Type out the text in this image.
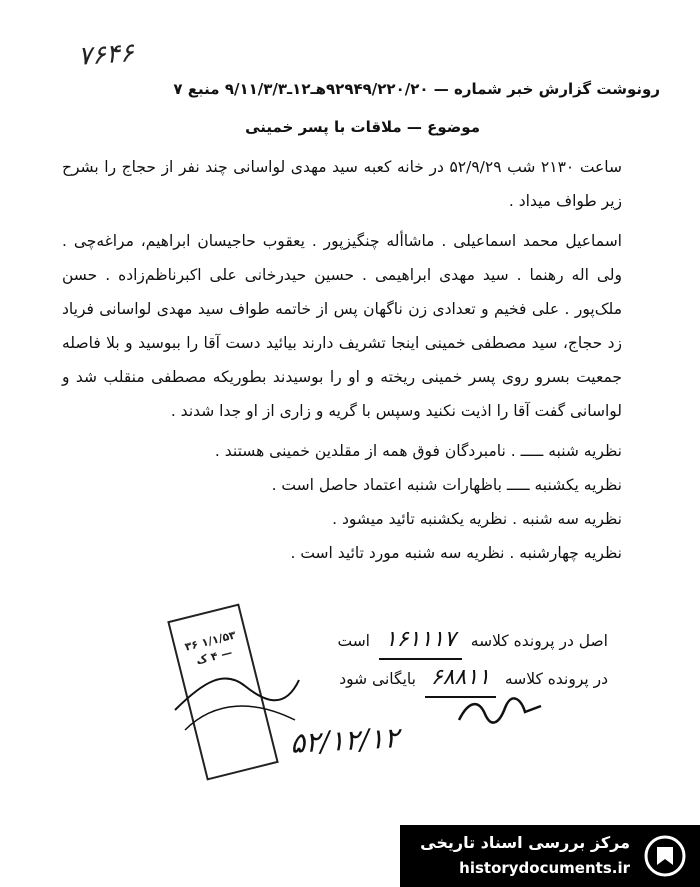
۷۶۴۶
رونوشت گزارش خبر شماره — ۹۲۹۴۹/۲۲۰/۲۰هـ۱۲ـ۹/۱۱/۳/۳ منبع ۷
موضوع — ملاقات با پسر خمینی

ساعت ۲۱۳۰ شب ۵۲/۹/۲۹ در خانه کعبه سید مهدی لواسانی چند نفر از حجاج را بشرح زیر طواف میداد .

اسماعیل محمد اسماعیلی . ماشاأله چنگیزپور . یعقوب حاجیسان ابراهیم، مراغه‌چی . ولی اله رهنما . سید مهدی ابراهیمی . حسین حیدرخانی علی اکبرناظم‌زاده . حسن ملک‌پور . علی فخیم و تعدادی زن ناگهان پس از خاتمه طواف سید مهدی لواسانی فریاد زد حجاج، سید مصطفی خمینی اینجا تشریف دارند بیائید دست آقا را ببوسید و بلا فاصله جمعیت بسرو روی پسر خمینی ریخته و او را بوسیدند بطوریکه مصطفی منقلب شد و لواسانی گفت آقا را اذیت نکنید وسپس با گریه و زاری از او جدا شدند .

نظریه شنبه ـــــ . نامبردگان فوق همه از مقلدین خمینی هستند .

نظریه یکشنبه ـــــ باظهارات شنبه اعتماد حاصل است .

نظریه سه شنبه . نظریه یکشنبه تائید میشود .

نظریه چهارشنبه . نظریه سه شنبه مورد تائید است .

۱/۱/۵۳ ۳۶ — ۴ ک
اصل در پرونده کلاسه ۱۶۱۱۱۷ است
در پرونده کلاسه ۶۸۸۱۱ بایگانی شود
۵۲/۱۲/۱۲
مرکز بررسی اسناد تاریخی
historydocuments.ir
